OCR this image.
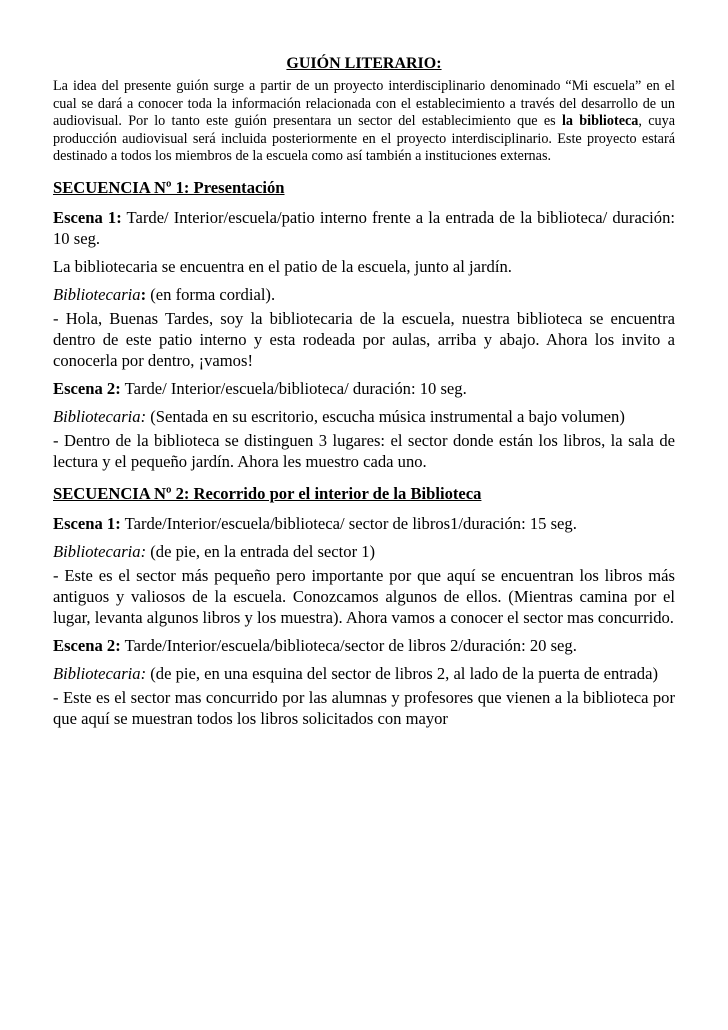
GUIÓN LITERARIO:
La idea del presente guión surge a partir de un proyecto interdisciplinario denominado “Mi escuela” en el cual se dará a conocer toda la información relacionada con el establecimiento a través del desarrollo de un audiovisual. Por lo tanto este guión presentara un sector del establecimiento que es la biblioteca, cuya producción audiovisual será incluida posteriormente en el proyecto interdisciplinario. Este proyecto estará destinado a todos los miembros de la escuela como así también a instituciones externas.
SECUENCIA Nº 1: Presentación
Escena 1: Tarde/ Interior/escuela/patio interno frente a la entrada de la biblioteca/ duración: 10 seg.
La bibliotecaria se encuentra en el patio de la escuela, junto al jardín.
Bibliotecaria: (en forma cordial).
- Hola, Buenas Tardes, soy la bibliotecaria de la escuela, nuestra biblioteca se encuentra dentro de este patio interno y esta rodeada por aulas, arriba y abajo. Ahora los invito a conocerla por dentro, ¡vamos!
Escena 2: Tarde/ Interior/escuela/biblioteca/ duración: 10 seg.
Bibliotecaria: (Sentada en su escritorio, escucha música instrumental a bajo volumen)
- Dentro de la biblioteca se distinguen 3 lugares: el sector donde están los libros, la sala de lectura y el pequeño jardín. Ahora les muestro cada uno.
SECUENCIA Nº 2: Recorrido por el interior de la Biblioteca
Escena 1: Tarde/Interior/escuela/biblioteca/ sector de libros1/duración: 15 seg.
Bibliotecaria: (de pie, en la entrada del sector 1)
- Este es el sector más pequeño pero importante por que aquí se encuentran los libros más antiguos y valiosos de la escuela. Conozcamos algunos de ellos. (Mientras camina por el lugar, levanta algunos libros y los muestra). Ahora vamos a conocer el sector mas concurrido.
Escena 2: Tarde/Interior/escuela/biblioteca/sector de libros 2/duración: 20 seg.
Bibliotecaria: (de pie, en una esquina del sector de libros 2, al lado de la puerta de entrada)
- Este es el sector mas concurrido por las alumnas y profesores que vienen a la biblioteca por que aquí se muestran todos los libros solicitados con mayor
